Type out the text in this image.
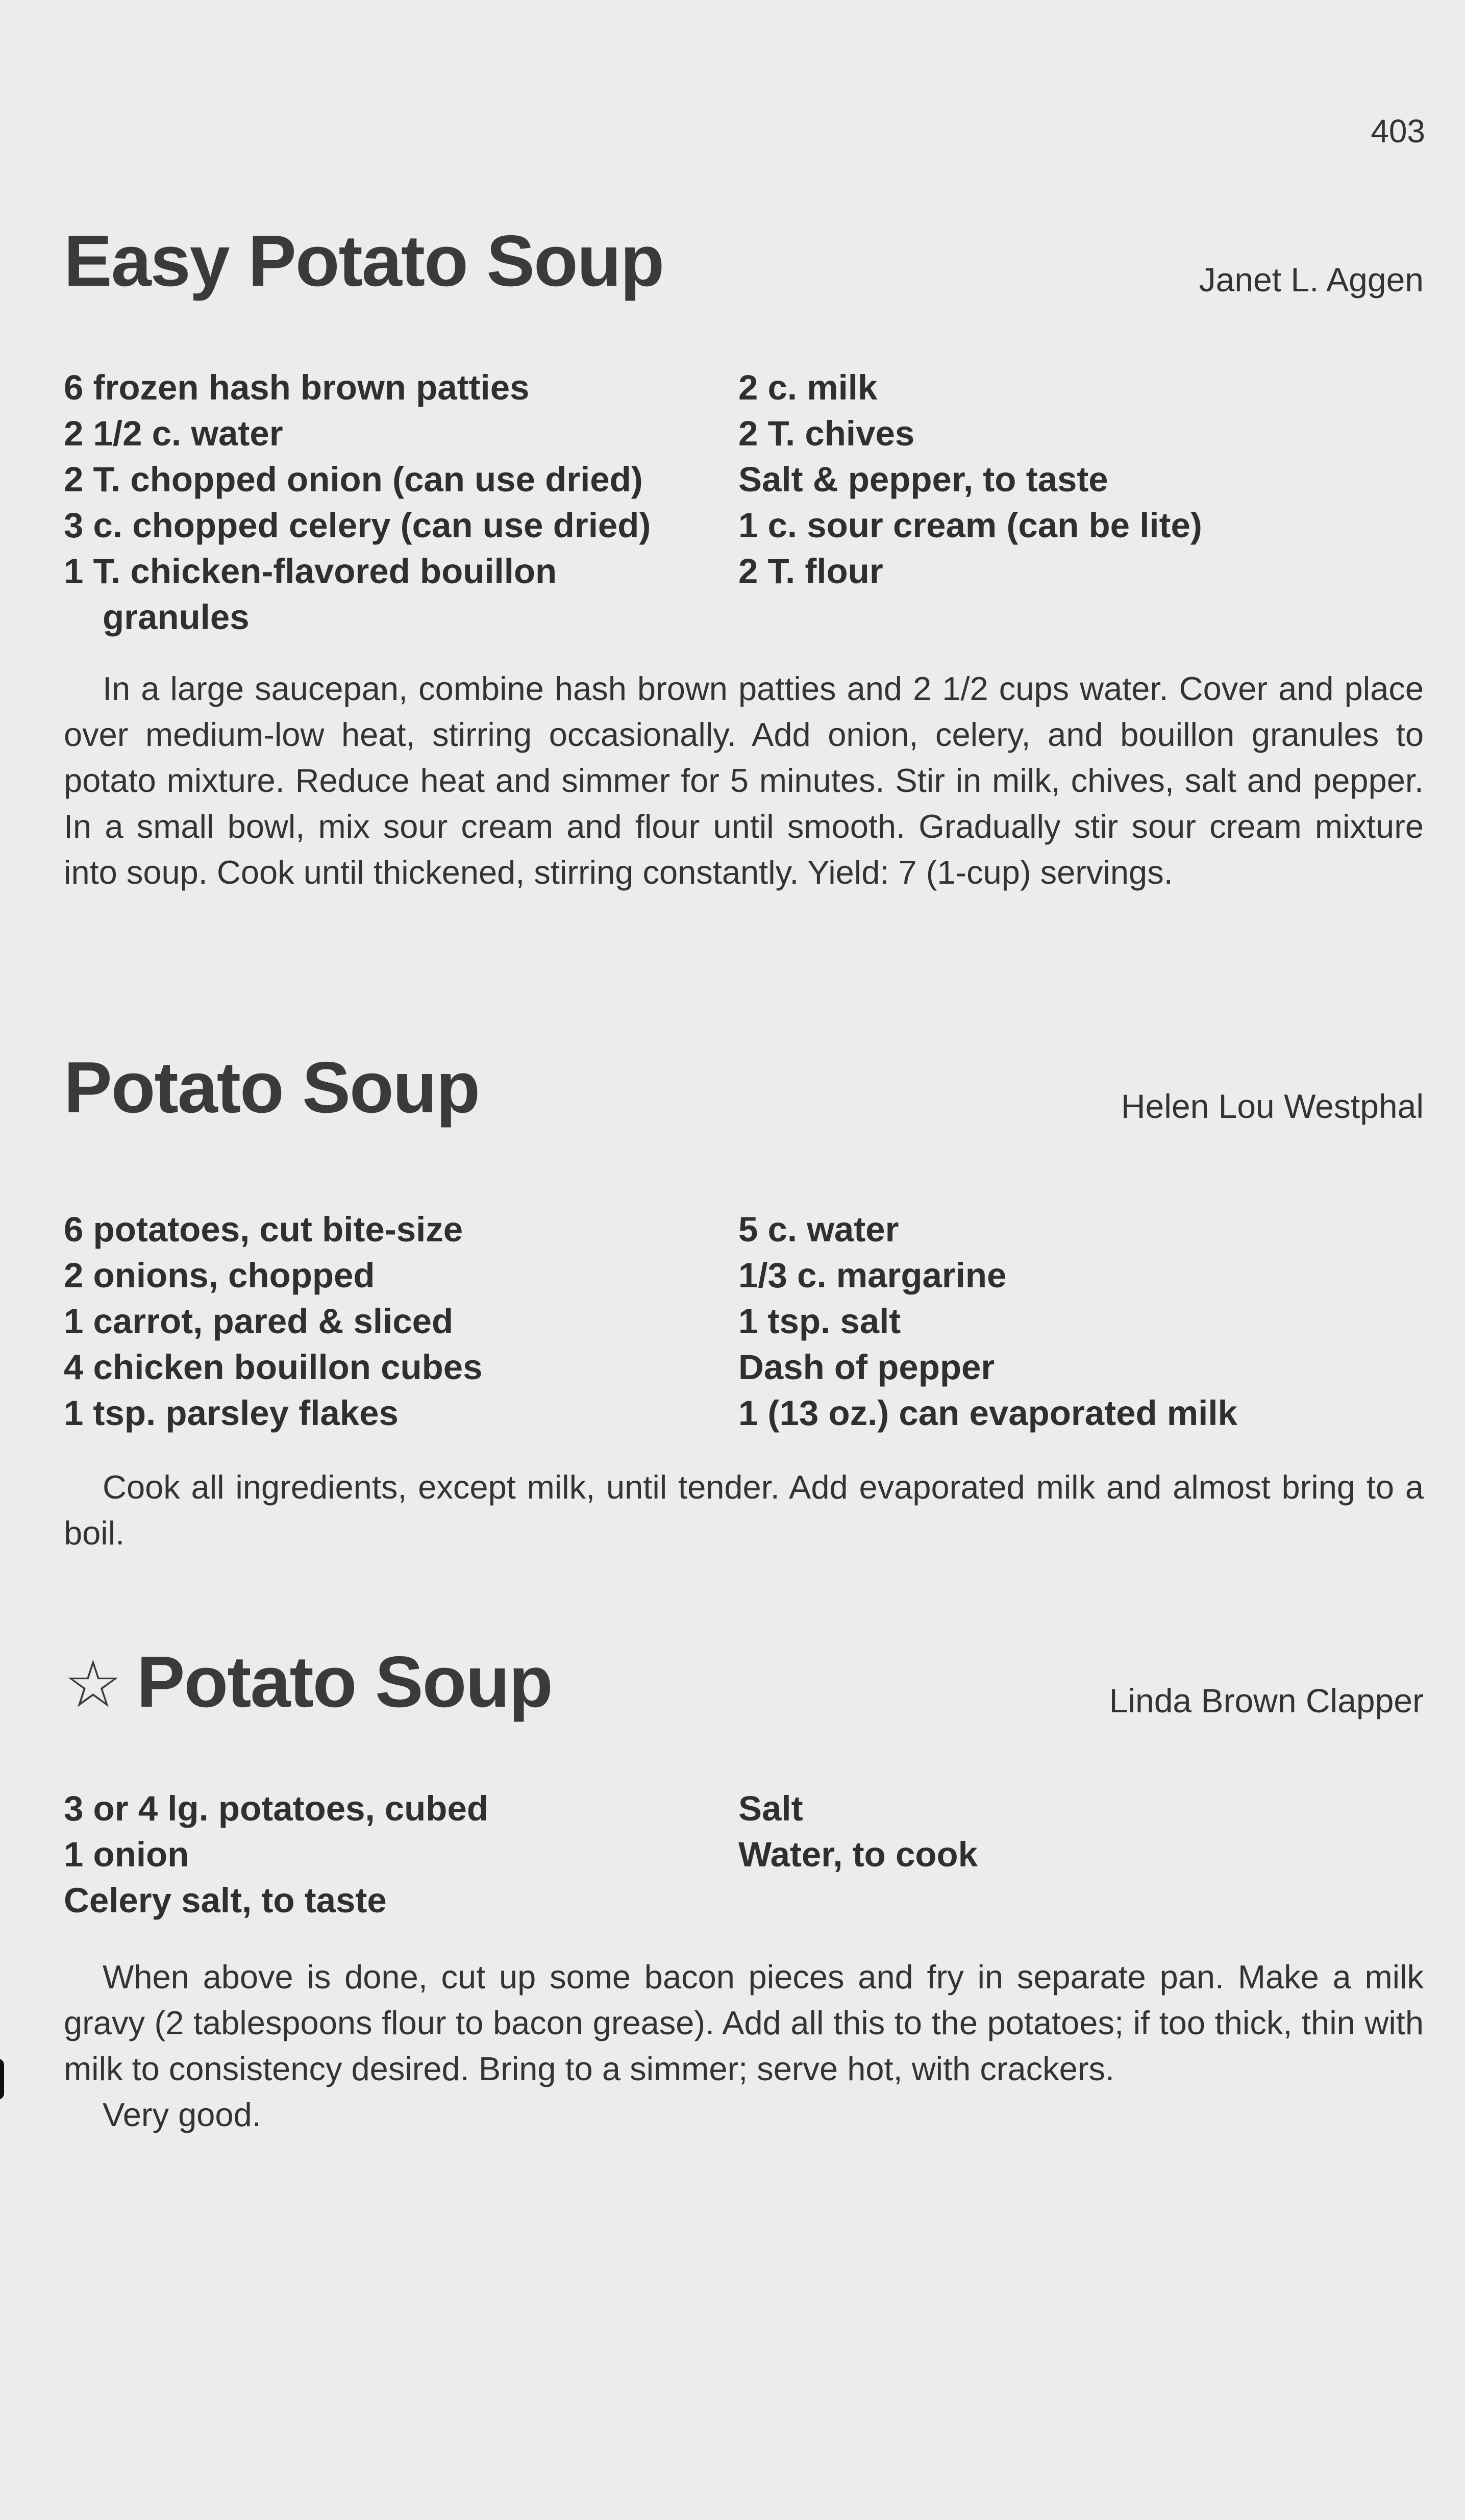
403
Easy Potato Soup	Janet L. Aggen
6 frozen hash brown patties
2 1/2 c. water
2 T. chopped onion (can use dried)
3 c. chopped celery (can use dried)
1 T. chicken-flavored bouillon granules
2 c. milk
2 T. chives
Salt & pepper, to taste
1 c. sour cream (can be lite)
2 T. flour

In a large saucepan, combine hash brown patties and 2 1/2 cups water. Cover and place over medium-low heat, stirring occasionally. Add onion, celery, and bouillon granules to potato mixture. Reduce heat and simmer for 5 minutes. Stir in milk, chives, salt and pepper. In a small bowl, mix sour cream and flour until smooth. Gradually stir sour cream mixture into soup. Cook until thickened, stirring constantly. Yield: 7 (1-cup) servings.

Potato Soup	Helen Lou Westphal
6 potatoes, cut bite-size
2 onions, chopped
1 carrot, pared & sliced
4 chicken bouillon cubes
1 tsp. parsley flakes
5 c. water
1/3 c. margarine
1 tsp. salt
Dash of pepper
1 (13 oz.) can evaporated milk

Cook all ingredients, except milk, until tender. Add evaporated milk and almost bring to a boil.

☆ Potato Soup	Linda Brown Clapper
3 or 4 lg. potatoes, cubed
1 onion
Celery salt, to taste
Salt
Water, to cook

When above is done, cut up some bacon pieces and fry in separate pan. Make a milk gravy (2 tablespoons flour to bacon grease). Add all this to the potatoes; if too thick, thin with milk to consistency desired. Bring to a simmer; serve hot, with crackers.

Very good.
